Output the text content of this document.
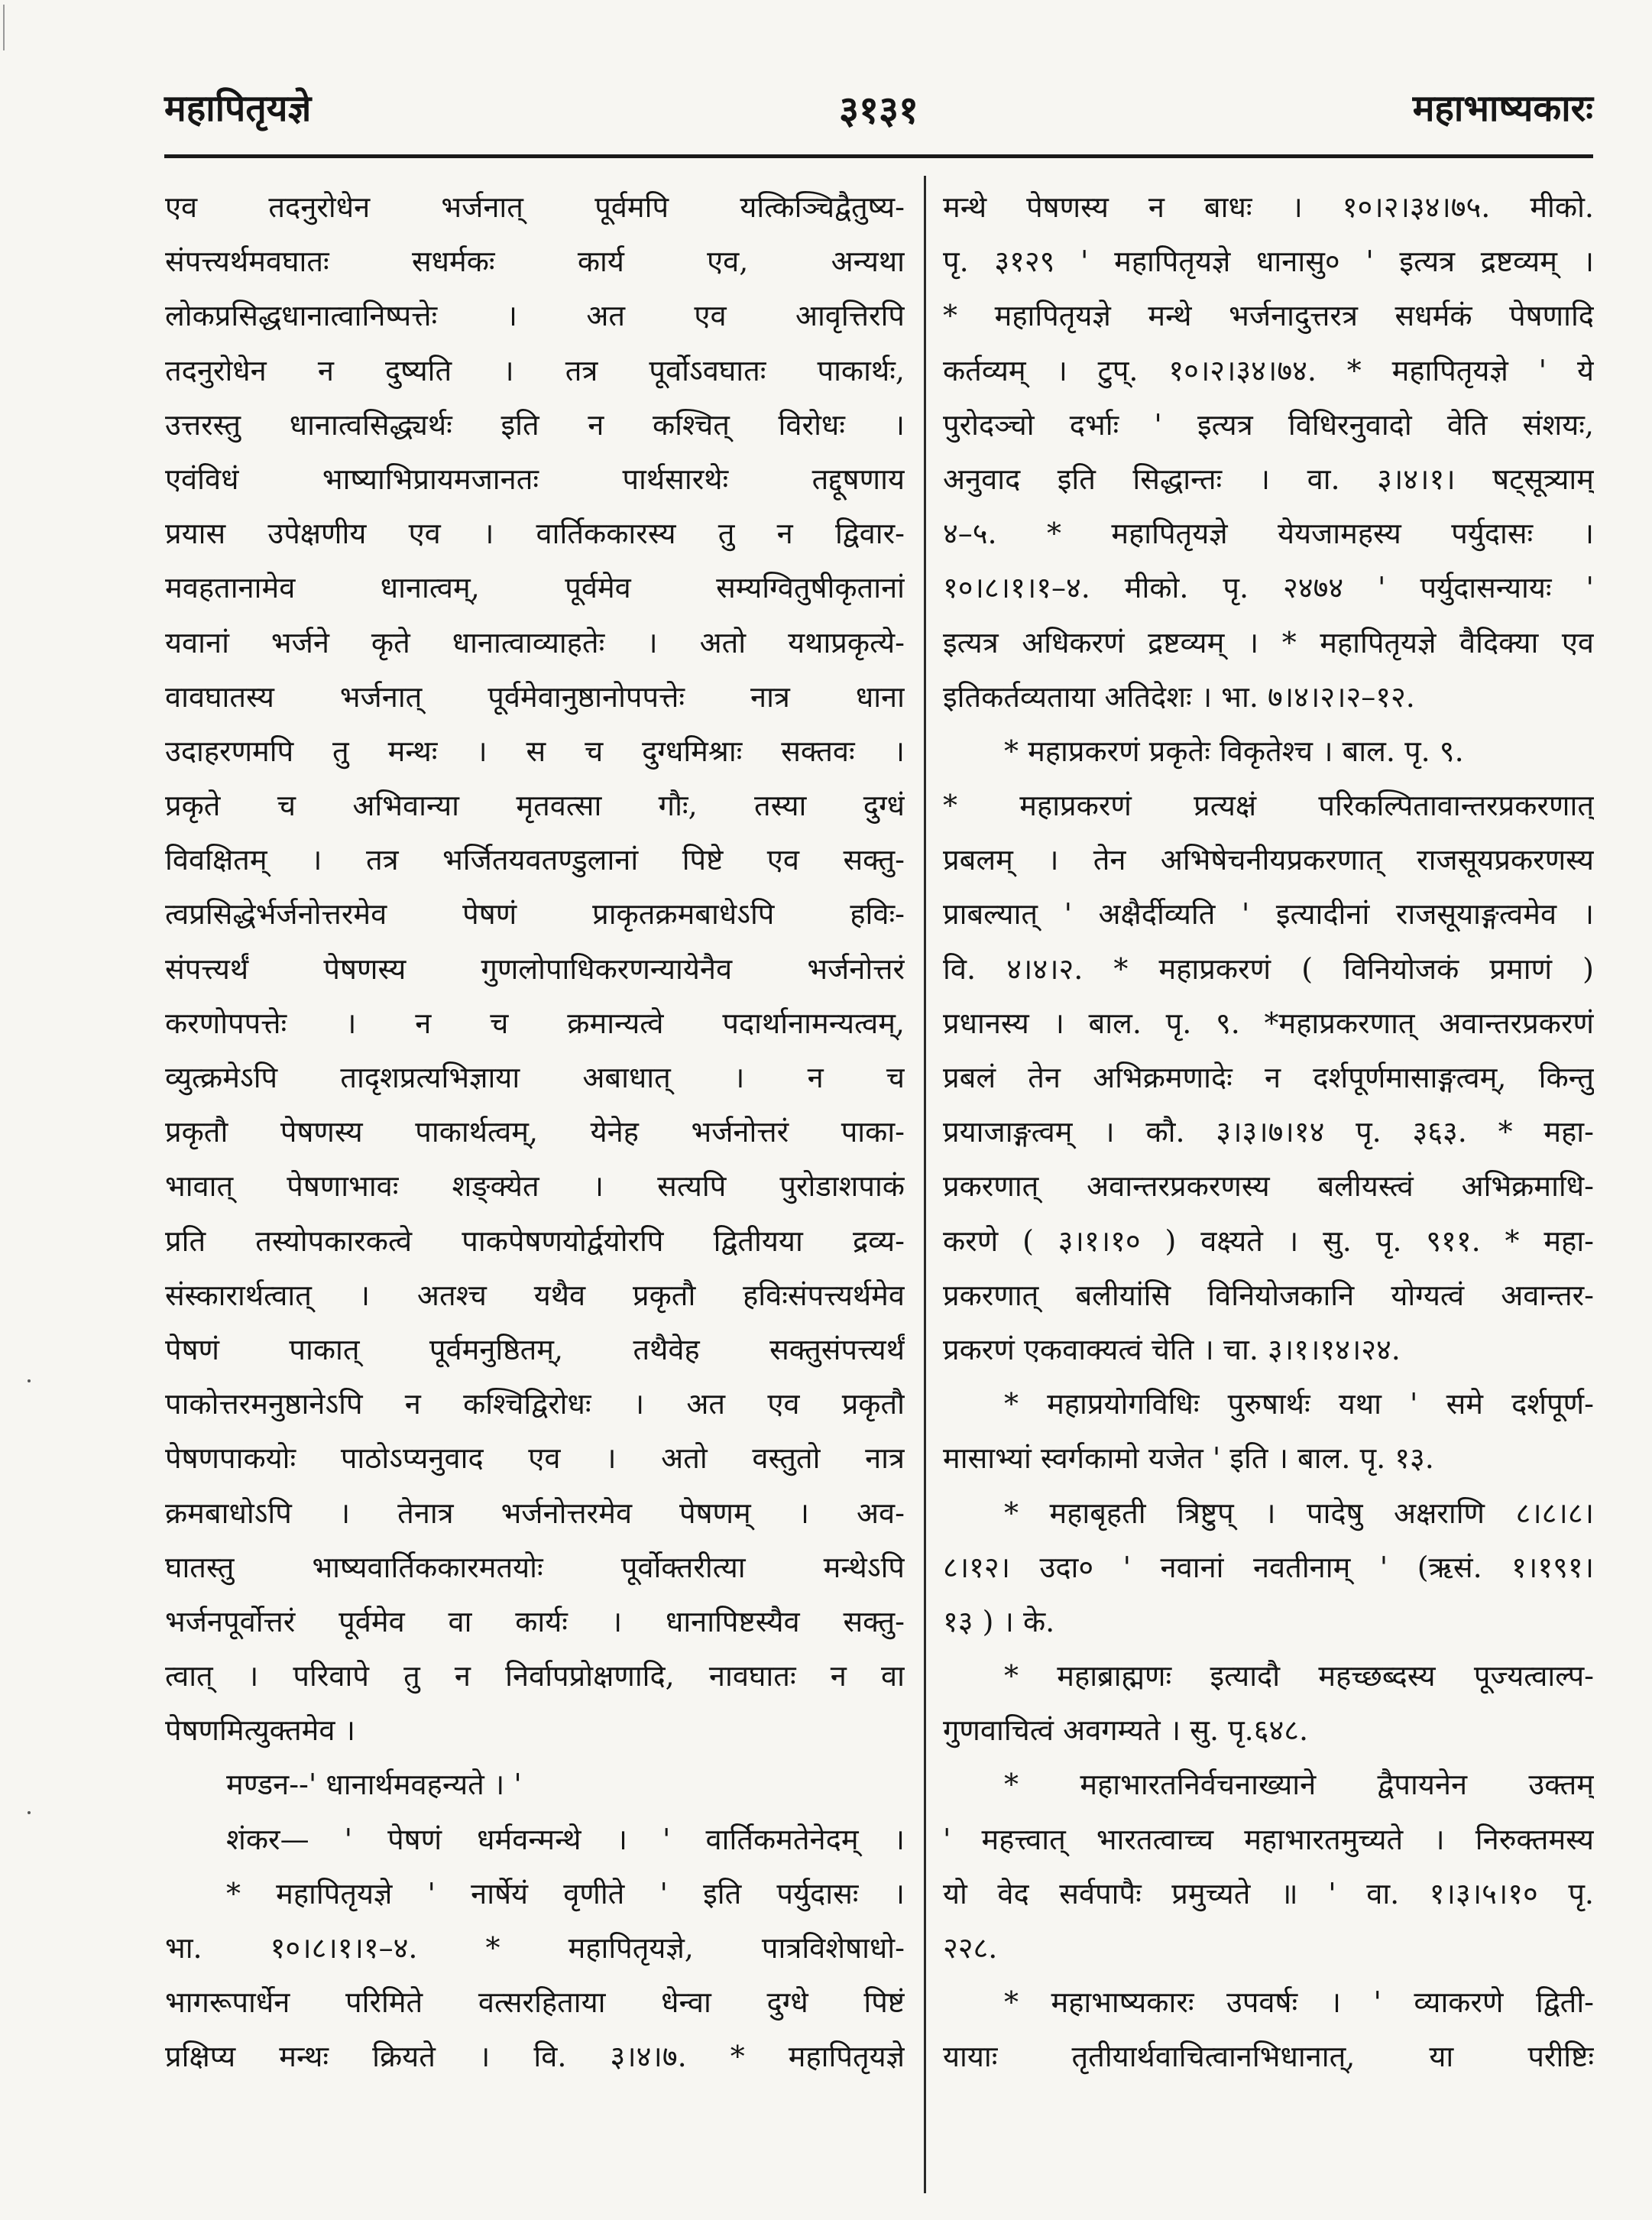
महापितृयज्ञे	३१३१	महाभाष्यकारः
एव तदनुरोधेन भर्जनात् पूर्वमपि यत्किञ्चिद्वैतुष्य-
संपत्त्यर्थमवघातः सधर्मकः कार्य एव, अन्यथा
लोकप्रसिद्धधानात्वानिष्पत्तेः । अत एव आवृत्तिरपि
तदनुरोधेन न दुष्यति । तत्र पूर्वोऽवघातः पाकार्थः,
उत्तरस्तु धानात्वसिद्ध्यर्थः इति न कश्चित् विरोधः ।
एवंविधं भाष्याभिप्रायमजानतः पार्थसारथेः तद्दूषणाय
प्रयास उपेक्षणीय एव । वार्तिककारस्य तु न द्विवार-
मवहतानामेव धानात्वम्, पूर्वमेव सम्यग्वितुषीकृतानां
यवानां भर्जने कृते धानात्वाव्याहतेः । अतो यथाप्रकृत्ये-
वावघातस्य भर्जनात् पूर्वमेवानुष्ठानोपपत्तेः नात्र धाना
उदाहरणमपि तु मन्थः । स च दुग्धमिश्राः सक्तवः ।
प्रकृते च अभिवान्या मृतवत्सा गौः, तस्या दुग्धं
विवक्षितम् । तत्र भर्जितयवतण्डुलानां पिष्टे एव सक्तु-
त्वप्रसिद्धेर्भर्जनोत्तरमेव पेषणं प्राकृतक्रमबाधेऽपि हविः-
संपत्त्यर्थं पेषणस्य गुणलोपाधिकरणन्यायेनैव भर्जनोत्तरं
करणोपपत्तेः । न च क्रमान्यत्वे पदार्थानामन्यत्वम्,
व्युत्क्रमेऽपि तादृशप्रत्यभिज्ञाया अबाधात् । न च
प्रकृतौ पेषणस्य पाकार्थत्वम्, येनेह भर्जनोत्तरं पाका-
भावात् पेषणाभावः शङ्क्येत । सत्यपि पुरोडाशपाकं
प्रति तस्योपकारकत्वे पाकपेषणयोर्द्वयोरपि द्वितीयया द्रव्य-
संस्कारार्थत्वात् । अतश्च यथैव प्रकृतौ हविःसंपत्त्यर्थमेव
पेषणं पाकात् पूर्वमनुष्ठितम्, तथैवेह सक्तुसंपत्त्यर्थं
पाकोत्तरमनुष्ठानेऽपि न कश्चिद्विरोधः । अत एव प्रकृतौ
पेषणपाकयोः पाठोऽप्यनुवाद एव । अतो वस्तुतो नात्र
क्रमबाधोऽपि । तेनात्र भर्जनोत्तरमेव पेषणम् । अव-
घातस्तु भाष्यवार्तिककारमतयोः पूर्वोक्तरीत्या मन्थेऽपि
भर्जनपूर्वोत्तरं पूर्वमेव वा कार्यः । धानापिष्टस्यैव सक्तु-
त्वात् । परिवापे तु न निर्वापप्रोक्षणादि, नावघातः न वा
पेषणमित्युक्तमेव ।
मण्डन--' धानार्थमवहन्यते । '
शंकर— ' पेषणं धर्मवन्मन्थे । ' वार्तिकमतेनेदम् ।
* महापितृयज्ञे ' नार्षेयं वृणीते ' इति पर्युदासः ।
भा. १०।८।१।१–४. * महापितृयज्ञे, पात्रविशेषाधो-
भागरूपार्धेन परिमिते वत्सरहिताया धेन्वा दुग्धे पिष्टं
प्रक्षिप्य मन्थः क्रियते । वि. ३।४।७. * महापितृयज्ञे
मन्थे पेषणस्य न बाधः । १०।२।३४।७५. मीको.
पृ. ३१२९ ' महापितृयज्ञे धानासु० ' इत्यत्र द्रष्टव्यम् ।
* महापितृयज्ञे मन्थे भर्जनादुत्तरत्र सधर्मकं पेषणादि
कर्तव्यम् । टुप्. १०।२।३४।७४. * महापितृयज्ञे ' ये
पुरोदञ्चो दर्भाः ' इत्यत्र विधिरनुवादो वेति संशयः,
अनुवाद इति सिद्धान्तः । वा. ३।४।१। षट्सूत्र्याम्
४–५. * महापितृयज्ञे येयजामहस्य पर्युदासः ।
१०।८।१।१–४. मीको. पृ. २४७४ ' पर्युदासन्यायः '
इत्यत्र अधिकरणं द्रष्टव्यम् । * महापितृयज्ञे वैदिक्या एव
इतिकर्तव्यताया अतिदेशः । भा. ७।४।२।२–१२.
* महाप्रकरणं प्रकृतेः विकृतेश्च । बाल. पृ. ९.
* महाप्रकरणं प्रत्यक्षं परिकल्पितावान्तरप्रकरणात्
प्रबलम् । तेन अभिषेचनीयप्रकरणात् राजसूयप्रकरणस्य
प्राबल्यात् ' अक्षैर्दीव्यति ' इत्यादीनां राजसूयाङ्गत्वमेव ।
वि. ४।४।२. * महाप्रकरणं ( विनियोजकं प्रमाणं )
प्रधानस्य । बाल. पृ. ९. *महाप्रकरणात् अवान्तरप्रकरणं
प्रबलं तेन अभिक्रमणादेः न दर्शपूर्णमासाङ्गत्वम्, किन्तु
प्रयाजाङ्गत्वम् । कौ. ३।३।७।१४ पृ. ३६३. * महा-
प्रकरणात् अवान्तरप्रकरणस्य बलीयस्त्वं अभिक्रमाधि-
करणे ( ३।१।१० ) वक्ष्यते । सु. पृ. ९११. * महा-
प्रकरणात् बलीयांसि विनियोजकानि योग्यत्वं अवान्तर-
प्रकरणं एकवाक्यत्वं चेति । चा. ३।१।१४।२४.
* महाप्रयोगविधिः पुरुषार्थः यथा ' समे दर्शपूर्ण-
मासाभ्यां स्वर्गकामो यजेत ' इति । बाल. पृ. १३.
* महाबृहती त्रिष्टुप् । पादेषु अक्षराणि ८।८।८।
८।१२। उदा० ' नवानां नवतीनाम् ' (ऋसं. १।१९१।
१३ ) । के.
* महाब्राह्मणः इत्यादौ महच्छब्दस्य पूज्यत्वाल्प-
गुणवाचित्वं अवगम्यते । सु. पृ.६४८.
* महाभारतनिर्वचनाख्याने द्वैपायनेन उक्तम्
' महत्त्वात् भारतत्वाच्च महाभारतमुच्यते । निरुक्तमस्य
यो वेद सर्वपापैः प्रमुच्यते ॥ ' वा. १।३।५।१० पृ.
२२८.
* महाभाष्यकारः उपवर्षः । ' व्याकरणे द्विती-
यायाः तृतीयार्थवाचित्वानभिधानात्, या परीष्टिः
